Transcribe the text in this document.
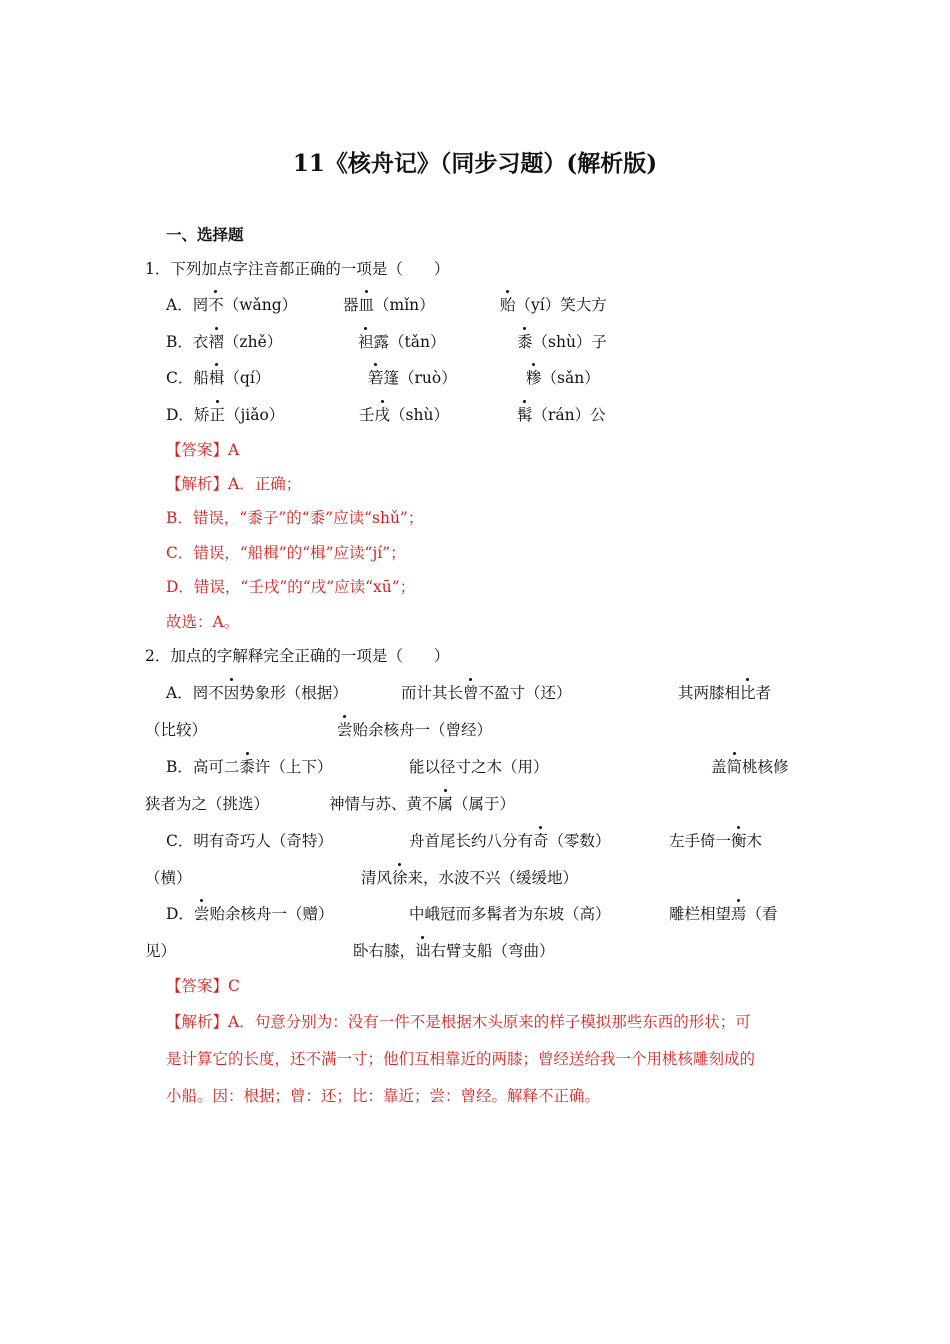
11《核舟记》（同步习题）(解析版)
一、选择题
1．下列加点字注音都正确的一项是（　　）
A．罔不（wǎng）	器皿（mǐn）	贻（yí）笑大方
B．衣褶（zhě）	袒露（tǎn）	黍（shù）子
C．船楫（qí）	箬篷（ruò）	糁（sǎn）
D．矫正（jiǎo）	壬戌（shù）	髯（rán）公
【答案】A
【解析】A．正确；
B．错误，“黍子”的“黍”应读“shǔ”；
C．错误，“船楫”的“楫”应读“jí”；
D．错误，“壬戌”的“戌”应读“xū”；
故选：A。
2．加点的字解释完全正确的一项是（　　）
A．罔不因势象形（根据）	而计其长曾不盈寸（还）	其两膝相比者
（比较）	尝贻余核舟一（曾经）
B．高可二黍许（上下）	能以径寸之木（用）	盖简桃核修
狭者为之（挑选）	神情与苏、黄不属（属于）
C．明有奇巧人（奇特）	舟首尾长约八分有奇（零数）	左手倚一衡木
（横）	清风徐来，水波不兴（缓缓地）
D．尝贻余核舟一（赠）	中峨冠而多髯者为东坡（高）	雕栏相望焉（看
见）	卧右膝，诎右臂支船（弯曲）
【答案】C
【解析】A．句意分别为：没有一件不是根据木头原来的样子模拟那些东西的形状；可
是计算它的长度，还不满一寸；他们互相靠近的两膝；曾经送给我一个用桃核雕刻成的
小船。因：根据；曾：还；比：靠近；尝：曾经。解释不正确。
